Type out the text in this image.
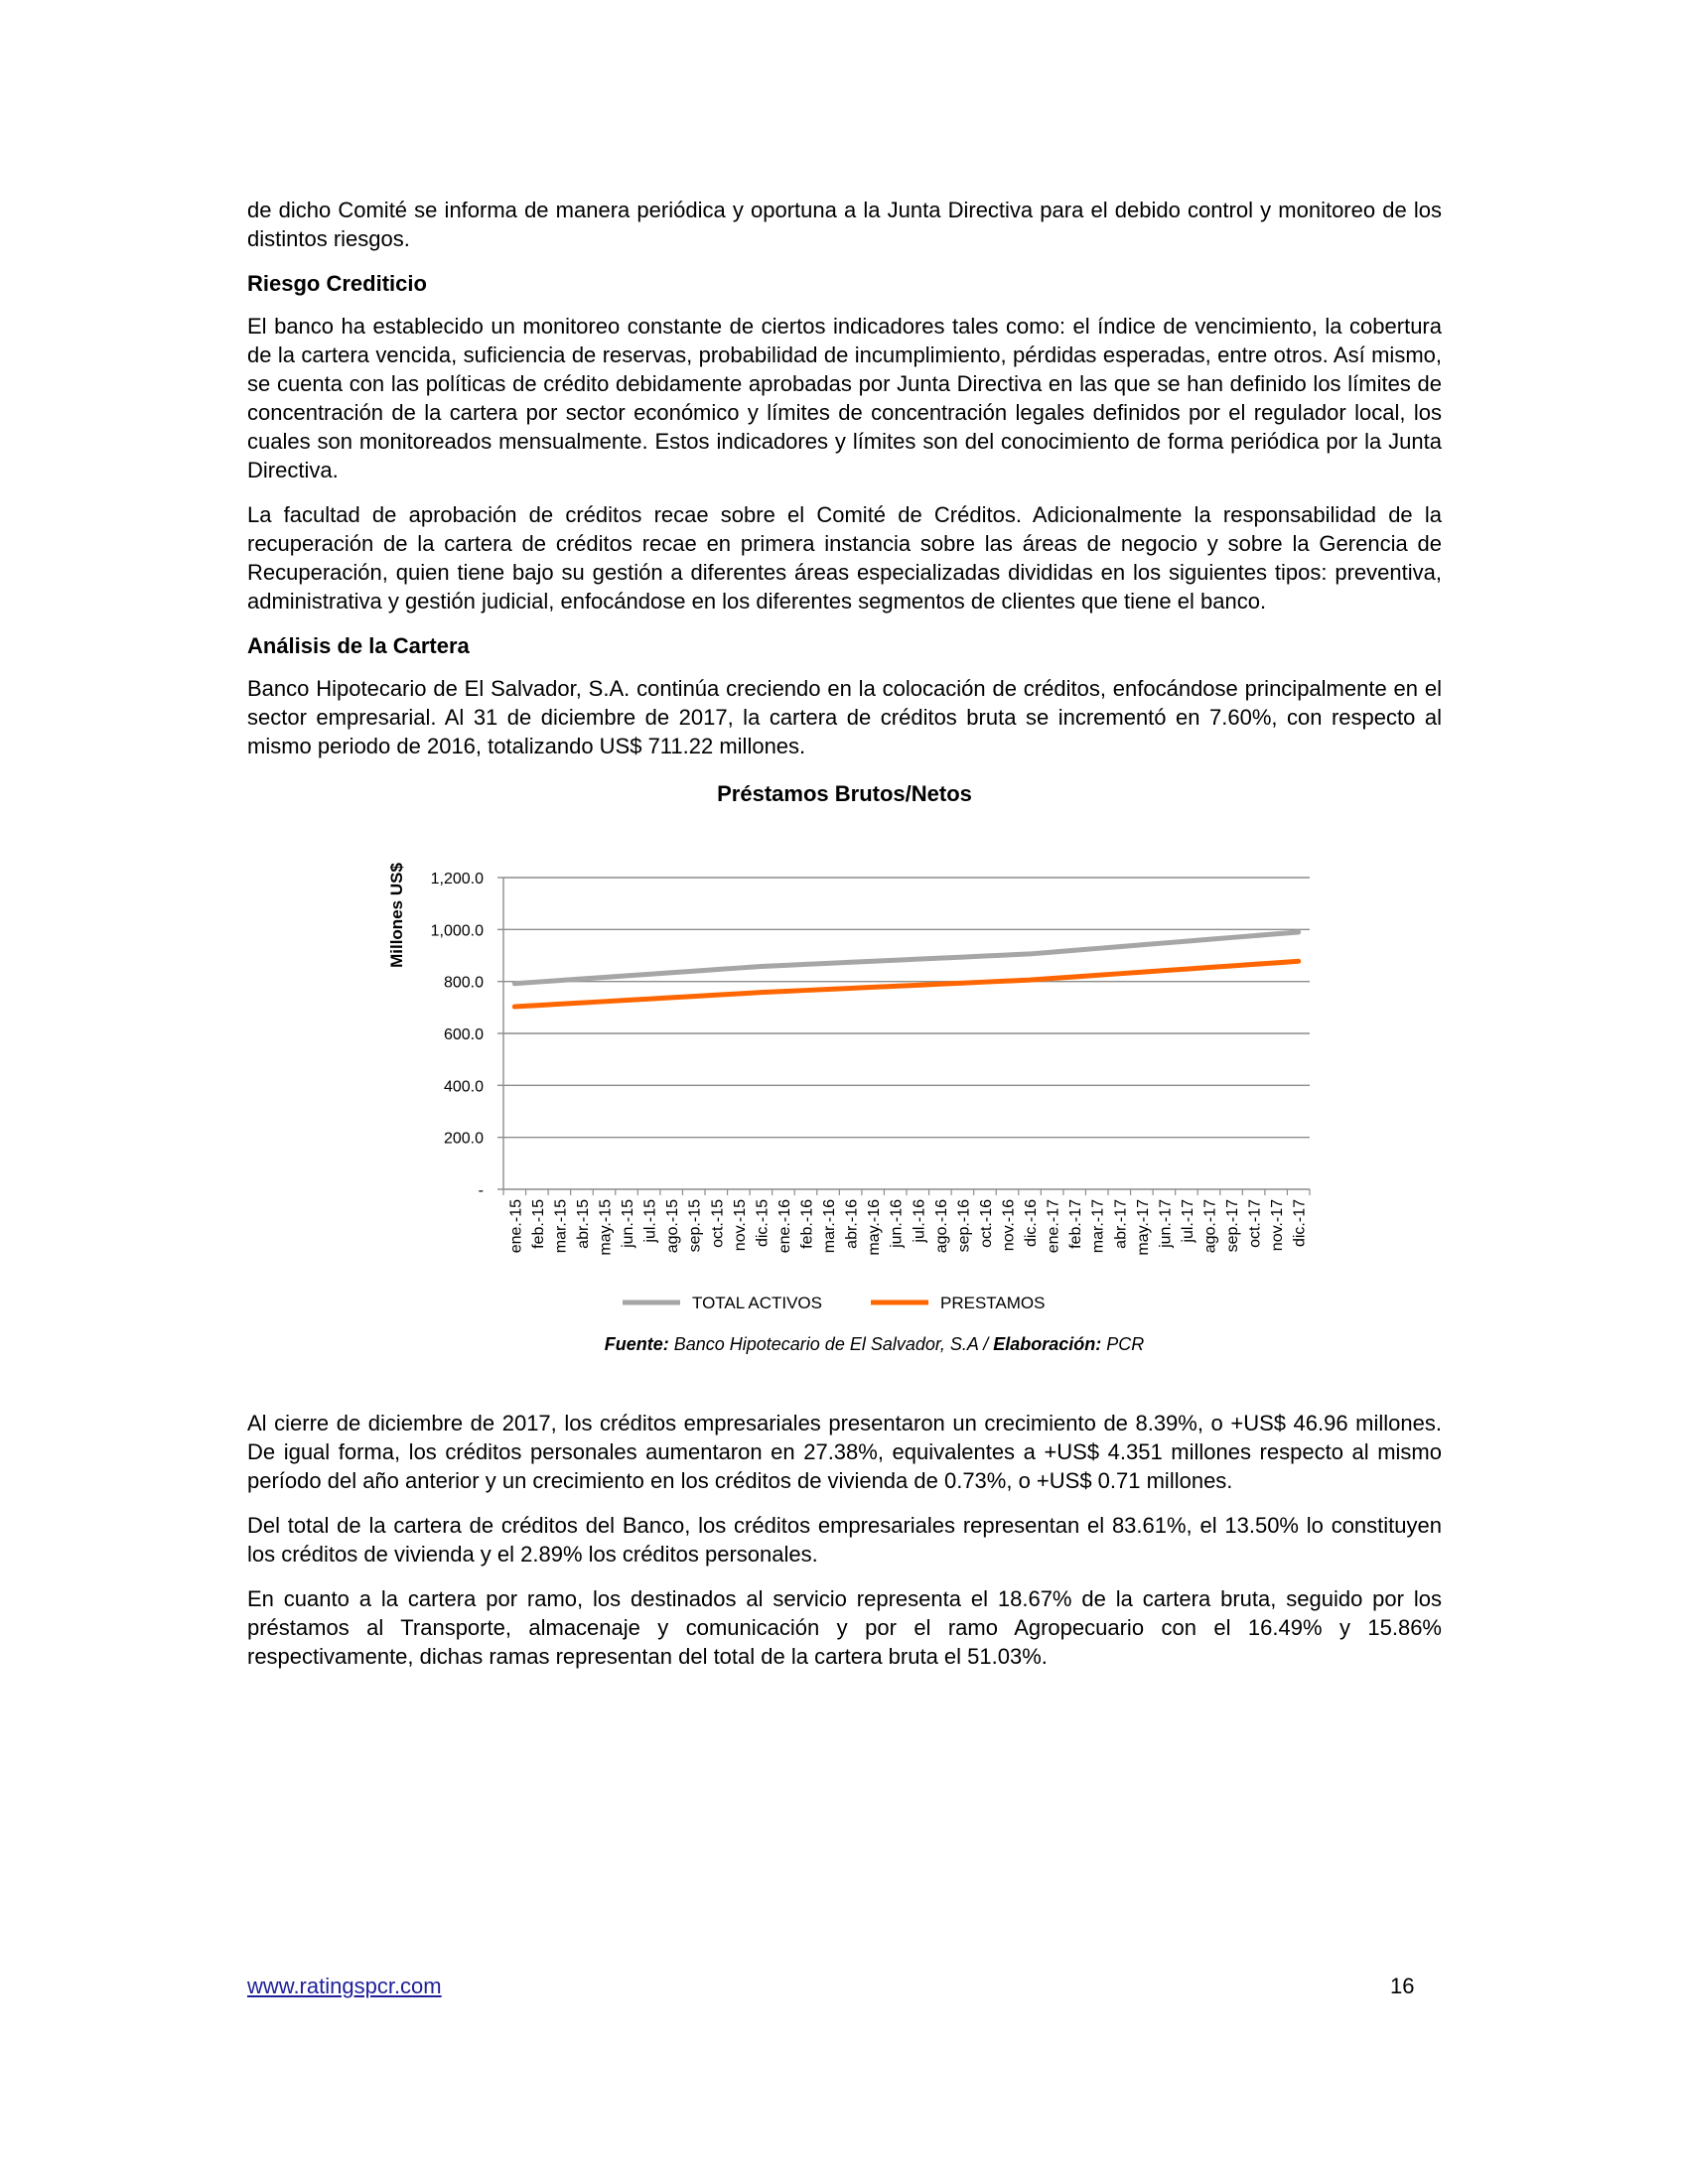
de dicho Comité se informa de manera periódica y oportuna a la Junta Directiva para el debido control y monitoreo de los distintos riesgos.

Riesgo Crediticio

El banco ha establecido un monitoreo constante de ciertos indicadores tales como: el índice de vencimiento, la cobertura de la cartera vencida, suficiencia de reservas, probabilidad de incumplimiento, pérdidas esperadas, entre otros. Así mismo, se cuenta con las políticas de crédito debidamente aprobadas por Junta Directiva en las que se han definido los límites de concentración de la cartera por sector económico y límites de concentración legales definidos por el regulador local, los cuales son monitoreados mensualmente. Estos indicadores y límites son del conocimiento de forma periódica por la Junta Directiva.

La facultad de aprobación de créditos recae sobre el Comité de Créditos. Adicionalmente la responsabilidad de la recuperación de la cartera de créditos recae en primera instancia sobre las áreas de negocio y sobre la Gerencia de Recuperación, quien tiene bajo su gestión a diferentes áreas especializadas divididas en los siguientes tipos: preventiva, administrativa y gestión judicial, enfocándose en los diferentes segmentos de clientes que tiene el banco.

Análisis de la Cartera

Banco Hipotecario de El Salvador, S.A. continúa creciendo en la colocación de créditos, enfocándose principalmente en el sector empresarial. Al 31 de diciembre de 2017, la cartera de créditos bruta se incrementó en 7.60%, con respecto al mismo periodo de 2016, totalizando US$ 711.22 millones.

Préstamos Brutos/Netos
Millones US$
-
200.0
400.0
600.0
800.0
1,000.0
1,200.0
ene.-15 feb.-15 mar.-15 abr.-15 may.-15 jun.-15 jul.-15 ago.-15 sep.-15 oct.-15 nov.-15 dic.-15 ene.-16 feb.-16 mar.-16 abr.-16 may.-16 jun.-16 jul.-16 ago.-16 sep.-16 oct.-16 nov.-16 dic.-16 ene.-17 feb.-17 mar.-17 abr.-17 may.-17 jun.-17 jul.-17 ago.-17 sep.-17 oct.-17 nov.-17 dic.-17
TOTAL ACTIVOS	PRESTAMOS
Fuente: Banco Hipotecario de El Salvador, S.A / Elaboración: PCR

Al cierre de diciembre de 2017, los créditos empresariales presentaron un crecimiento de 8.39%, o +US$ 46.96 millones. De igual forma, los créditos personales aumentaron en 27.38%, equivalentes a +US$ 4.351 millones respecto al mismo período del año anterior y un crecimiento en los créditos de vivienda de 0.73%, o +US$ 0.71 millones.

Del total de la cartera de créditos del Banco, los créditos empresariales representan el 83.61%, el 13.50% lo constituyen los créditos de vivienda y el 2.89% los créditos personales.

En cuanto a la cartera por ramo, los destinados al servicio representa el 18.67% de la cartera bruta, seguido por los préstamos al Transporte, almacenaje y comunicación y por el ramo Agropecuario con el 16.49% y 15.86% respectivamente, dichas ramas representan del total de la cartera bruta el 51.03%.

www.ratingspcr.com	16
